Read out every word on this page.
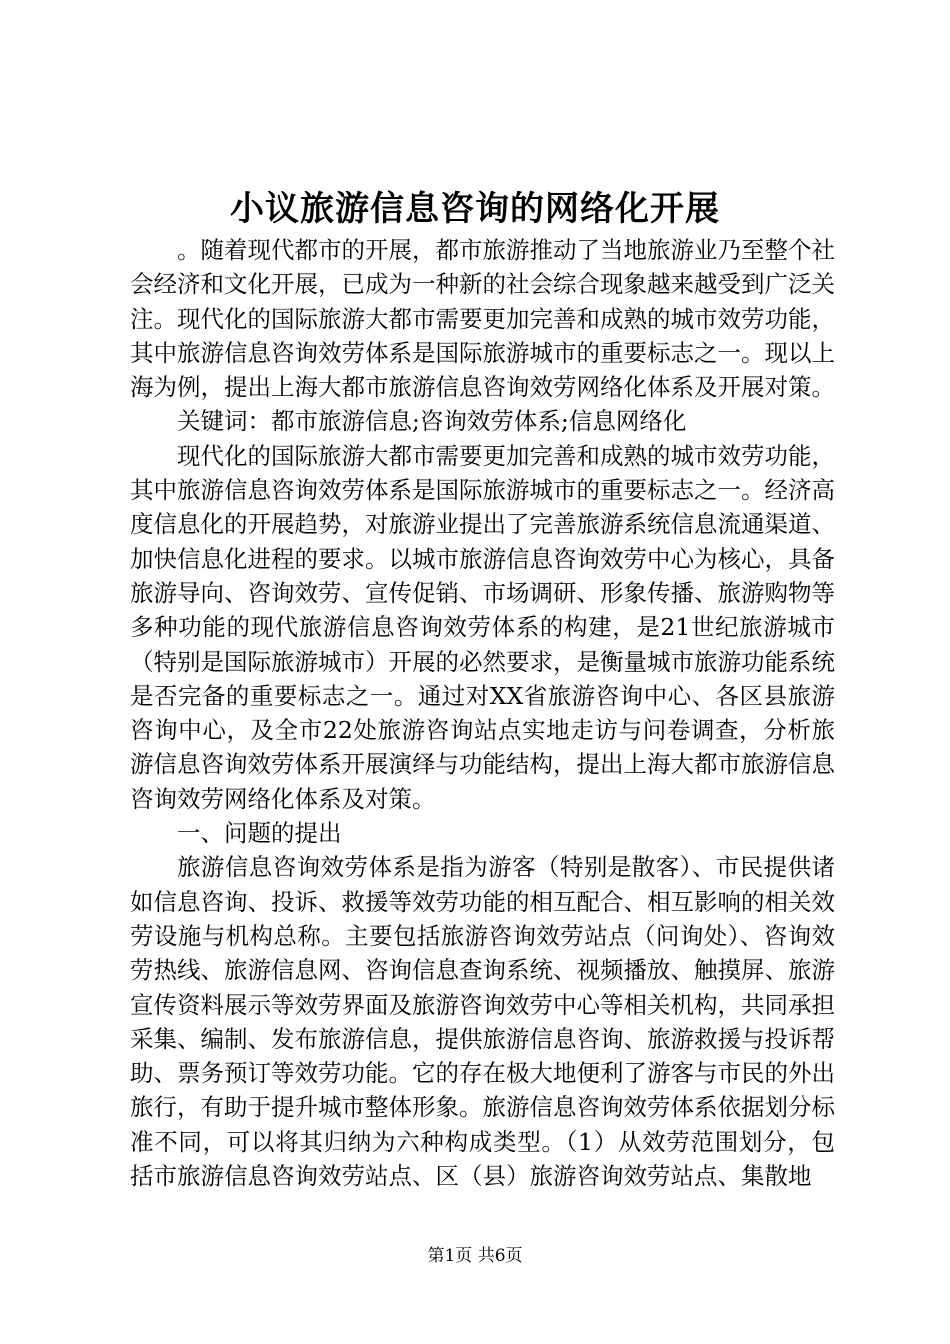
小议旅游信息咨询的网络化开展

。随着现代都市的开展，都市旅游推动了当地旅游业乃至整个社会经济和文化开展，已成为一种新的社会综合现象越来越受到广泛关注。现代化的国际旅游大都市需要更加完善和成熟的城市效劳功能，其中旅游信息咨询效劳体系是国际旅游城市的重要标志之一。现以上海为例，提出上海大都市旅游信息咨询效劳网络化体系及开展对策。

关键词：都市旅游信息;咨询效劳体系;信息网络化

现代化的国际旅游大都市需要更加完善和成熟的城市效劳功能，其中旅游信息咨询效劳体系是国际旅游城市的重要标志之一。经济高度信息化的开展趋势，对旅游业提出了完善旅游系统信息流通渠道、加快信息化进程的要求。以城市旅游信息咨询效劳中心为核心，具备旅游导向、咨询效劳、宣传促销、市场调研、形象传播、旅游购物等多种功能的现代旅游信息咨询效劳体系的构建，是21世纪旅游城市（特别是国际旅游城市）开展的必然要求，是衡量城市旅游功能系统是否完备的重要标志之一。通过对XX省旅游咨询中心、各区县旅游咨询中心，及全市22处旅游咨询站点实地走访与问卷调查，分析旅游信息咨询效劳体系开展演绎与功能结构，提出上海大都市旅游信息咨询效劳网络化体系及对策。

一、问题的提出

旅游信息咨询效劳体系是指为游客（特别是散客）、市民提供诸如信息咨询、投诉、救援等效劳功能的相互配合、相互影响的相关效劳设施与机构总称。主要包括旅游咨询效劳站点（问询处）、咨询效劳热线、旅游信息网、咨询信息查询系统、视频播放、触摸屏、旅游宣传资料展示等效劳界面及旅游咨询效劳中心等相关机构，共同承担采集、编制、发布旅游信息，提供旅游信息咨询、旅游救援与投诉帮助、票务预订等效劳功能。它的存在极大地便利了游客与市民的外出旅行，有助于提升城市整体形象。旅游信息咨询效劳体系依据划分标准不同，可以将其归纳为六种构成类型。（1）从效劳范围划分，包括市旅游信息咨询效劳站点、区（县）旅游咨询效劳站点、集散地

第1页 共6页
